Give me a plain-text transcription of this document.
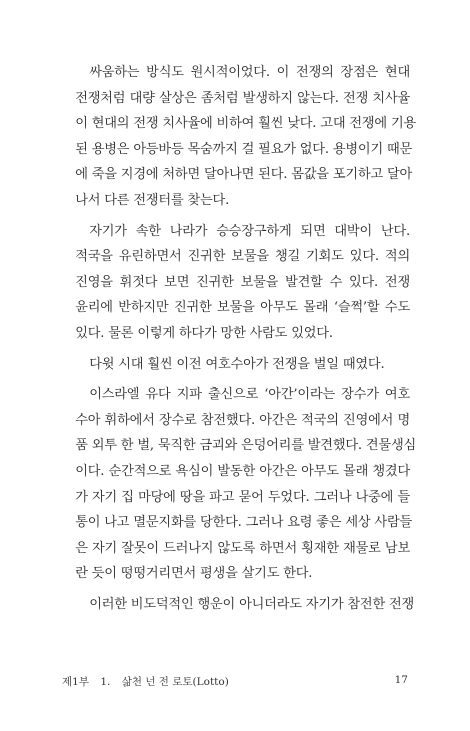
싸움하는 방식도 원시적이었다. 이 전쟁의 장점은 현대
전쟁처럼 대량 살상은 좀처럼 발생하지 않는다. 전쟁 치사율
이 현대의 전쟁 치사율에 비하여 훨씬 낮다. 고대 전쟁에 기용
된 용병은 아등바등 목숨까지 걸 필요가 없다. 용병이기 때문
에 죽을 지경에 처하면 달아나면 된다. 몸값을 포기하고 달아
나서 다른 전쟁터를 찾는다.

자기가 속한 나라가 승승장구하게 되면 대박이 난다.
적국을 유린하면서 진귀한 보물을 챙길 기회도 있다. 적의
진영을 휘젓다 보면 진귀한 보물을 발견할 수 있다. 전쟁
윤리에 반하지만 진귀한 보물을 아무도 몰래 ‘슬쩍’할 수도
있다. 물론 이렇게 하다가 망한 사람도 있었다.

다윗 시대 훨씬 이전 여호수아가 전쟁을 벌일 때였다.

이스라엘 유다 지파 출신으로 ‘아간’이라는 장수가 여호
수아 휘하에서 장수로 참전했다. 아간은 적국의 진영에서 명
품 외투 한 벌, 묵직한 금괴와 은덩어리를 발견했다. 견물생심
이다. 순간적으로 욕심이 발동한 아간은 아무도 몰래 챙겼다
가 자기 집 마당에 땅을 파고 묻어 두었다. 그러나 나중에 들
통이 나고 멸문지화를 당한다. 그러나 요령 좋은 세상 사람들
은 자기 잘못이 드러나지 않도록 하면서 횡재한 재물로 남보
란 듯이 떵떵거리면서 평생을 살기도 한다.

이러한 비도덕적인 행운이 아니더라도 자기가 참전한 전쟁

제1부 1. 삶천 넌 전 로토(Lotto)	17
